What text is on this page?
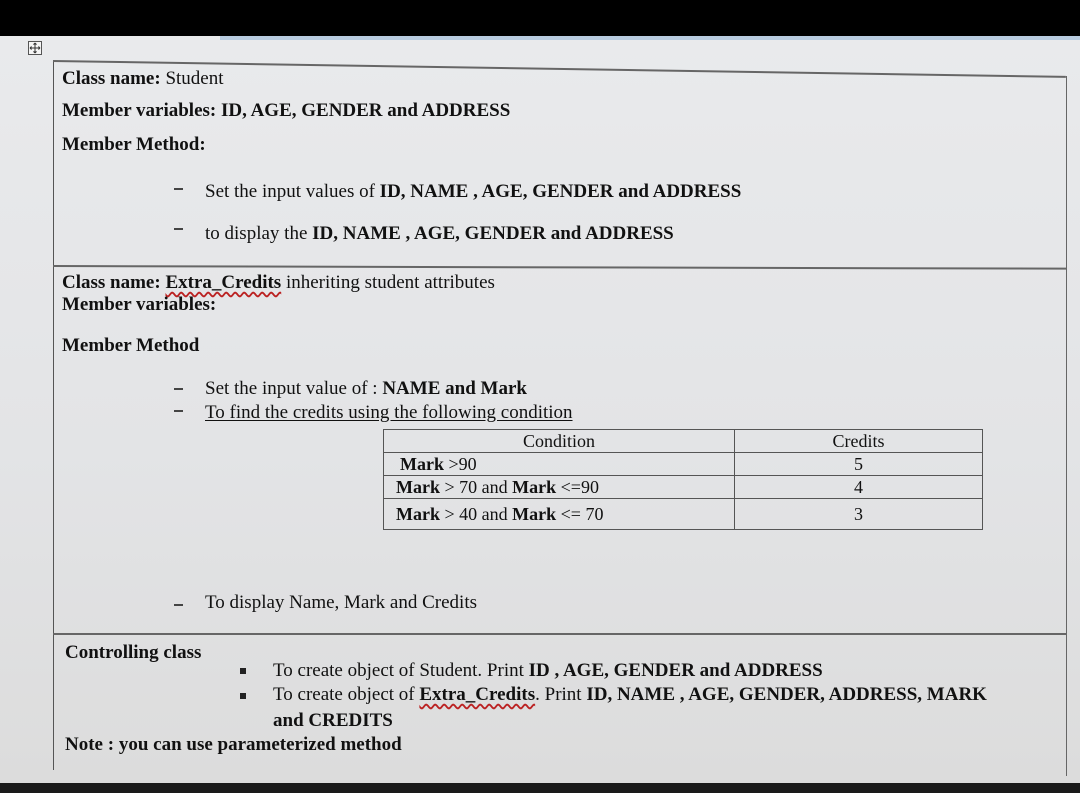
Class name: Student
Member variables: ID, AGE, GENDER and ADDRESS
Member Method:
Set the input values of ID, NAME , AGE, GENDER and ADDRESS
to display the ID, NAME , AGE, GENDER and ADDRESS
Class name: Extra_Credits inheriting student attributes
Member variables:
Member Method
Set the input value of : NAME and Mark
To find the credits using the following condition
Condition	Credits
Mark >90	5
Mark > 70 and Mark <=90	4
Mark > 40 and Mark <= 70	3
To display Name, Mark and Credits
Controlling class
To create object of Student. Print ID , AGE, GENDER and ADDRESS
To create object of Extra_Credits. Print ID, NAME , AGE, GENDER, ADDRESS, MARK
and CREDITS
Note : you can use parameterized method
